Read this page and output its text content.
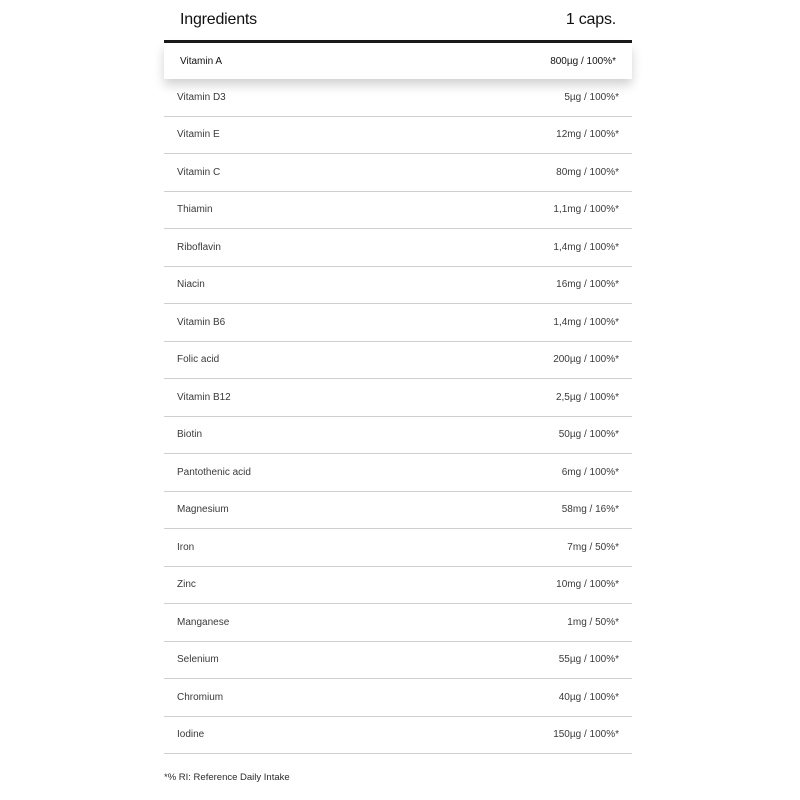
Ingredients	1 caps.
Vitamin A	800µg / 100%*
Vitamin D3	5µg / 100%*
Vitamin E	12mg / 100%*
Vitamin C	80mg / 100%*
Thiamin	1,1mg / 100%*
Riboflavin	1,4mg / 100%*
Niacin	16mg / 100%*
Vitamin B6	1,4mg / 100%*
Folic acid	200µg / 100%*
Vitamin B12	2,5µg / 100%*
Biotin	50µg / 100%*
Pantothenic acid	6mg / 100%*
Magnesium	58mg / 16%*
Iron	7mg / 50%*
Zinc	10mg / 100%*
Manganese	1mg / 50%*
Selenium	55µg / 100%*
Chromium	40µg / 100%*
Iodine	150µg / 100%*
*% RI: Reference Daily Intake
